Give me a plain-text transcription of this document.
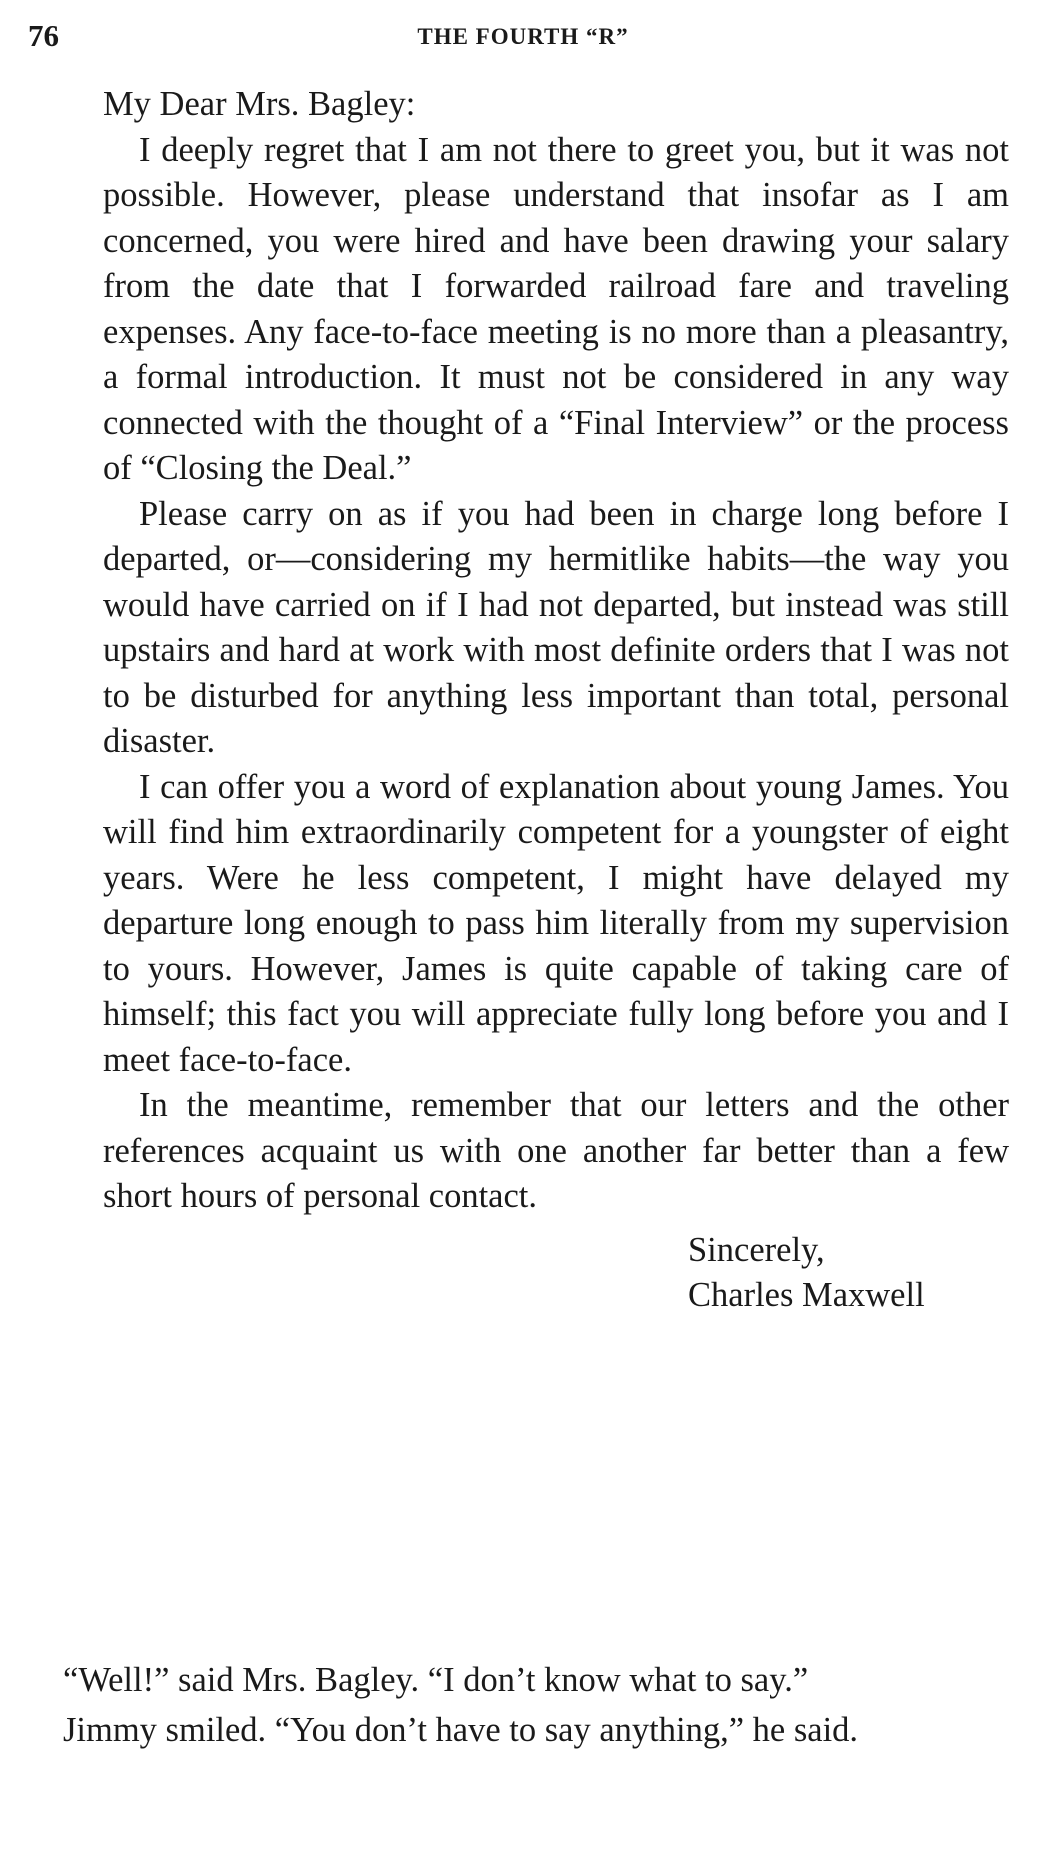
76	THE FOURTH “R”

My Dear Mrs. Bagley:

I deeply regret that I am not there to greet you, but it was not possible. However, please understand that insofar as I am concerned, you were hired and have been drawing your salary from the date that I forwarded railroad fare and traveling expenses. Any face-to-face meeting is no more than a pleasantry, a formal introduction. It must not be considered in any way connected with the thought of a “Final Interview” or the process of “Closing the Deal.”

Please carry on as if you had been in charge long before I departed, or—considering my hermitlike habits—the way you would have carried on if I had not departed, but instead was still upstairs and hard at work with most definite orders that I was not to be disturbed for anything less important than total, personal disaster.

I can offer you a word of explanation about young James. You will find him extraordinarily competent for a youngster of eight years. Were he less competent, I might have delayed my departure long enough to pass him literally from my supervision to yours. However, James is quite capable of taking care of himself; this fact you will appreciate fully long before you and I meet face-to-face.

In the meantime, remember that our letters and the other references acquaint us with one another far better than a few short hours of personal contact.

Sincerely,
Charles Maxwell

“Well!” said Mrs. Bagley. “I don’t know what to say.”

Jimmy smiled. “You don’t have to say anything,” he said.
